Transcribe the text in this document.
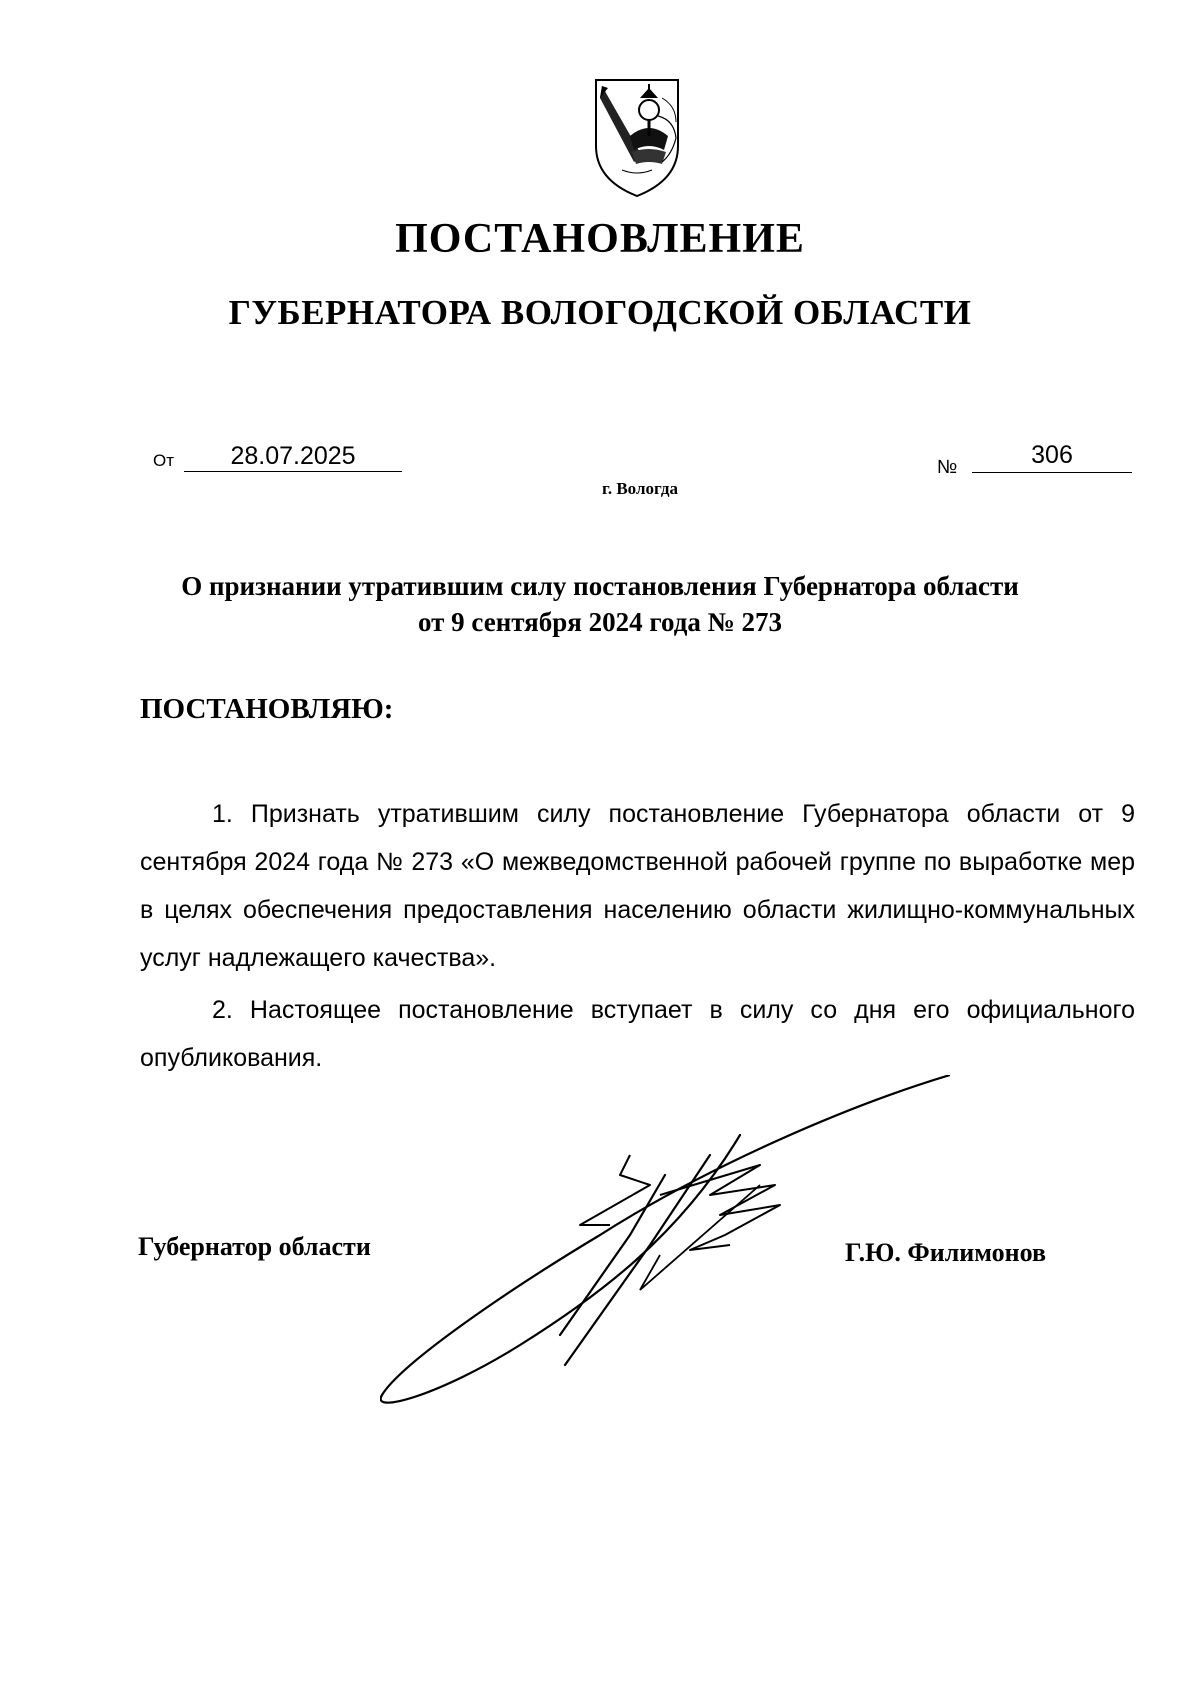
ПОСТАНОВЛЕНИЕ
ГУБЕРНАТОРА ВОЛОГОДСКОЙ ОБЛАСТИ
От	28.07.2025	№	306
г. Вологда
О признании утратившим силу постановления Губернатора области
от 9 сентября 2024 года № 273
ПОСТАНОВЛЯЮ:
1. Признать утратившим силу постановление Губернатора области от 9 сентября 2024 года № 273 «О межведомственной рабочей группе по выработке мер в целях обеспечения предоставления населению области жилищно-коммунальных услуг надлежащего качества».
2. Настоящее постановление вступает в силу со дня его официального опубликования.
Губернатор области	Г.Ю. Филимонов
